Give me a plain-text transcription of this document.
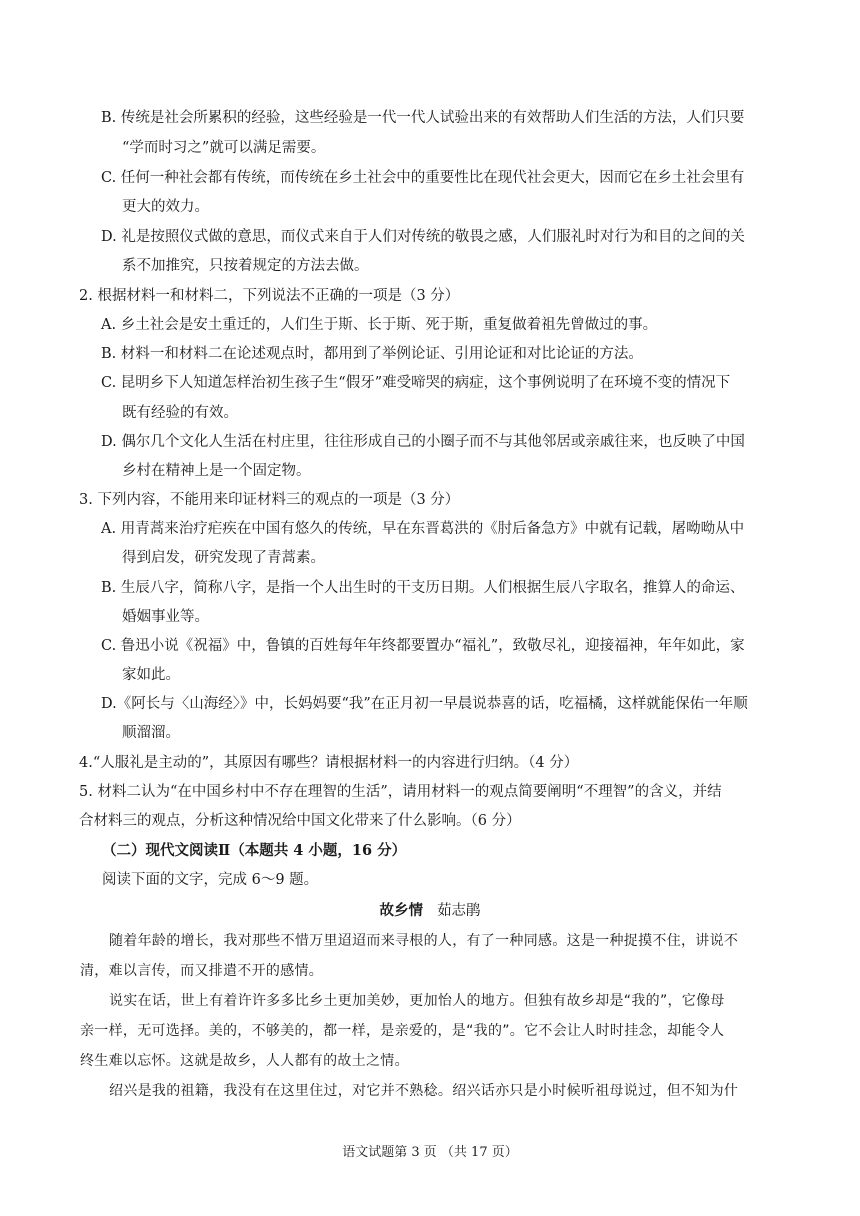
B. 传统是社会所累积的经验，这些经验是一代一代人试验出来的有效帮助人们生活的方法，人们只要
“学而时习之”就可以满足需要。
C. 任何一种社会都有传统，而传统在乡土社会中的重要性比在现代社会更大，因而它在乡土社会里有
更大的效力。
D. 礼是按照仪式做的意思，而仪式来自于人们对传统的敬畏之感，人们服礼时对行为和目的之间的关
系不加推究，只按着规定的方法去做。
2. 根据材料一和材料二，下列说法不正确的一项是（3 分）
A. 乡土社会是安土重迁的，人们生于斯、长于斯、死于斯，重复做着祖先曾做过的事。
B. 材料一和材料二在论述观点时，都用到了举例论证、引用论证和对比论证的方法。
C. 昆明乡下人知道怎样治初生孩子生“假牙”难受啼哭的病症，这个事例说明了在环境不变的情况下
既有经验的有效。
D. 偶尔几个文化人生活在村庄里，往往形成自己的小圈子而不与其他邻居或亲戚往来，也反映了中国
乡村在精神上是一个固定物。
3. 下列内容，不能用来印证材料三的观点的一项是（3 分）
A. 用青蒿来治疗疟疾在中国有悠久的传统，早在东晋葛洪的《肘后备急方》中就有记载，屠呦呦从中
得到启发，研究发现了青蒿素。
B. 生辰八字，简称八字，是指一个人出生时的干支历日期。人们根据生辰八字取名，推算人的命运、
婚姻事业等。
C. 鲁迅小说《祝福》中，鲁镇的百姓每年年终都要置办“福礼”，致敬尽礼，迎接福神，年年如此，家
家如此。
D.《阿长与〈山海经〉》中，长妈妈要“我”在正月初一早晨说恭喜的话，吃福橘，这样就能保佑一年顺
顺溜溜。
4.“人服礼是主动的”，其原因有哪些？请根据材料一的内容进行归纳。（4 分）
5. 材料二认为“在中国乡村中不存在理智的生活”，请用材料一的观点简要阐明“不理智”的含义，并结
合材料三的观点，分析这种情况给中国文化带来了什么影响。（6 分）
（二）现代文阅读Ⅱ（本题共 4 小题，16 分）
阅读下面的文字，完成 6～9 题。
故乡情 茹志鹃
随着年龄的增长，我对那些不惜万里迢迢而来寻根的人，有了一种同感。这是一种捉摸不住，讲说不
清，难以言传，而又排遣不开的感情。
说实在话，世上有着许许多多比乡土更加美妙，更加怡人的地方。但独有故乡却是“我的”，它像母
亲一样，无可选择。美的，不够美的，都一样，是亲爱的，是“我的”。它不会让人时时挂念，却能令人
终生难以忘怀。这就是故乡，人人都有的故土之情。
绍兴是我的祖籍，我没有在这里住过，对它并不熟稔。绍兴话亦只是小时候听祖母说过，但不知为什
语文试题第 3 页 （共 17 页）
